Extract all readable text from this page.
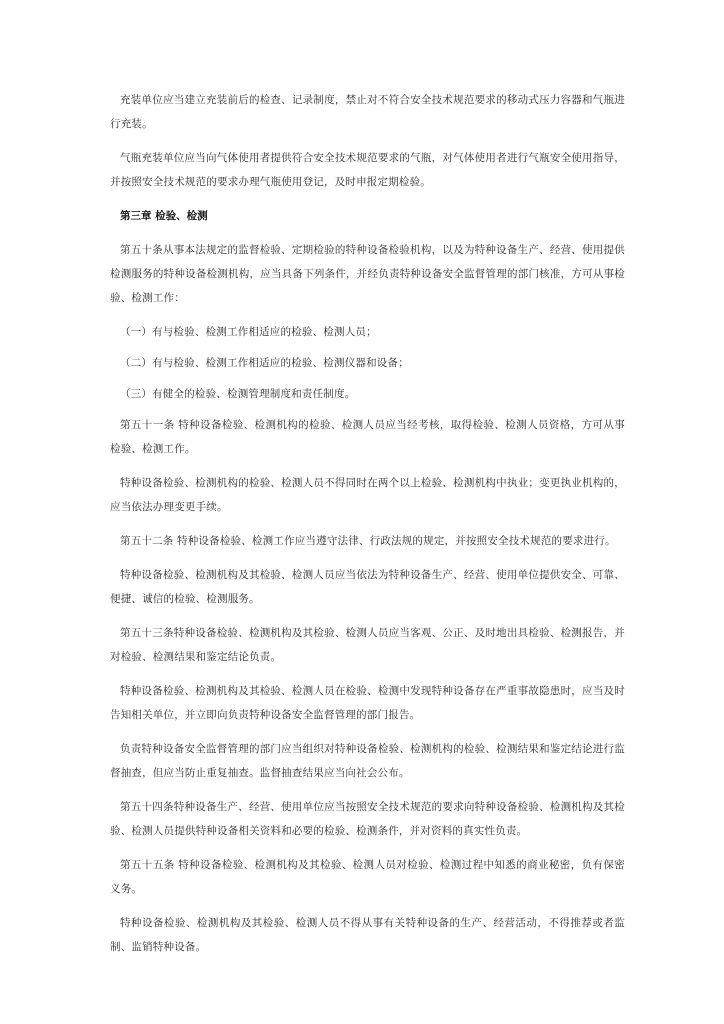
充装单位应当建立充装前后的检查、记录制度，禁止对不符合安全技术规范要求的移动式压力容器和气瓶进行充装。

气瓶充装单位应当向气体使用者提供符合安全技术规范要求的气瓶，对气体使用者进行气瓶安全使用指导，并按照安全技术规范的要求办理气瓶使用登记，及时申报定期检验。

第三章 检验、检测

第五十条从事本法规定的监督检验、定期检验的特种设备检验机构，以及为特种设备生产、经营、使用提供检测服务的特种设备检测机构，应当具备下列条件，并经负责特种设备安全监督管理的部门核准，方可从事检验、检测工作：

（一）有与检验、检测工作相适应的检验、检测人员；

（二）有与检验、检测工作相适应的检验、检测仪器和设备；

（三）有健全的检验、检测管理制度和责任制度。

第五十一条 特种设备检验、检测机构的检验、检测人员应当经考核，取得检验、检测人员资格，方可从事检验、检测工作。

特种设备检验、检测机构的检验、检测人员不得同时在两个以上检验、检测机构中执业；变更执业机构的，应当依法办理变更手续。

第五十二条 特种设备检验、检测工作应当遵守法律、行政法规的规定，并按照安全技术规范的要求进行。

特种设备检验、检测机构及其检验、检测人员应当依法为特种设备生产、经营、使用单位提供安全、可靠、便捷、诚信的检验、检测服务。

第五十三条特种设备检验、检测机构及其检验、检测人员应当客观、公正、及时地出具检验、检测报告，并对检验、检测结果和鉴定结论负责。

特种设备检验、检测机构及其检验、检测人员在检验、检测中发现特种设备存在严重事故隐患时，应当及时告知相关单位，并立即向负责特种设备安全监督管理的部门报告。

负责特种设备安全监督管理的部门应当组织对特种设备检验、检测机构的检验、检测结果和鉴定结论进行监督抽查，但应当防止重复抽查。监督抽查结果应当向社会公布。

第五十四条特种设备生产、经营、使用单位应当按照安全技术规范的要求向特种设备检验、检测机构及其检验、检测人员提供特种设备相关资料和必要的检验、检测条件，并对资料的真实性负责。

第五十五条 特种设备检验、检测机构及其检验、检测人员对检验、检测过程中知悉的商业秘密，负有保密义务。

特种设备检验、检测机构及其检验、检测人员不得从事有关特种设备的生产、经营活动，不得推荐或者监制、监销特种设备。
